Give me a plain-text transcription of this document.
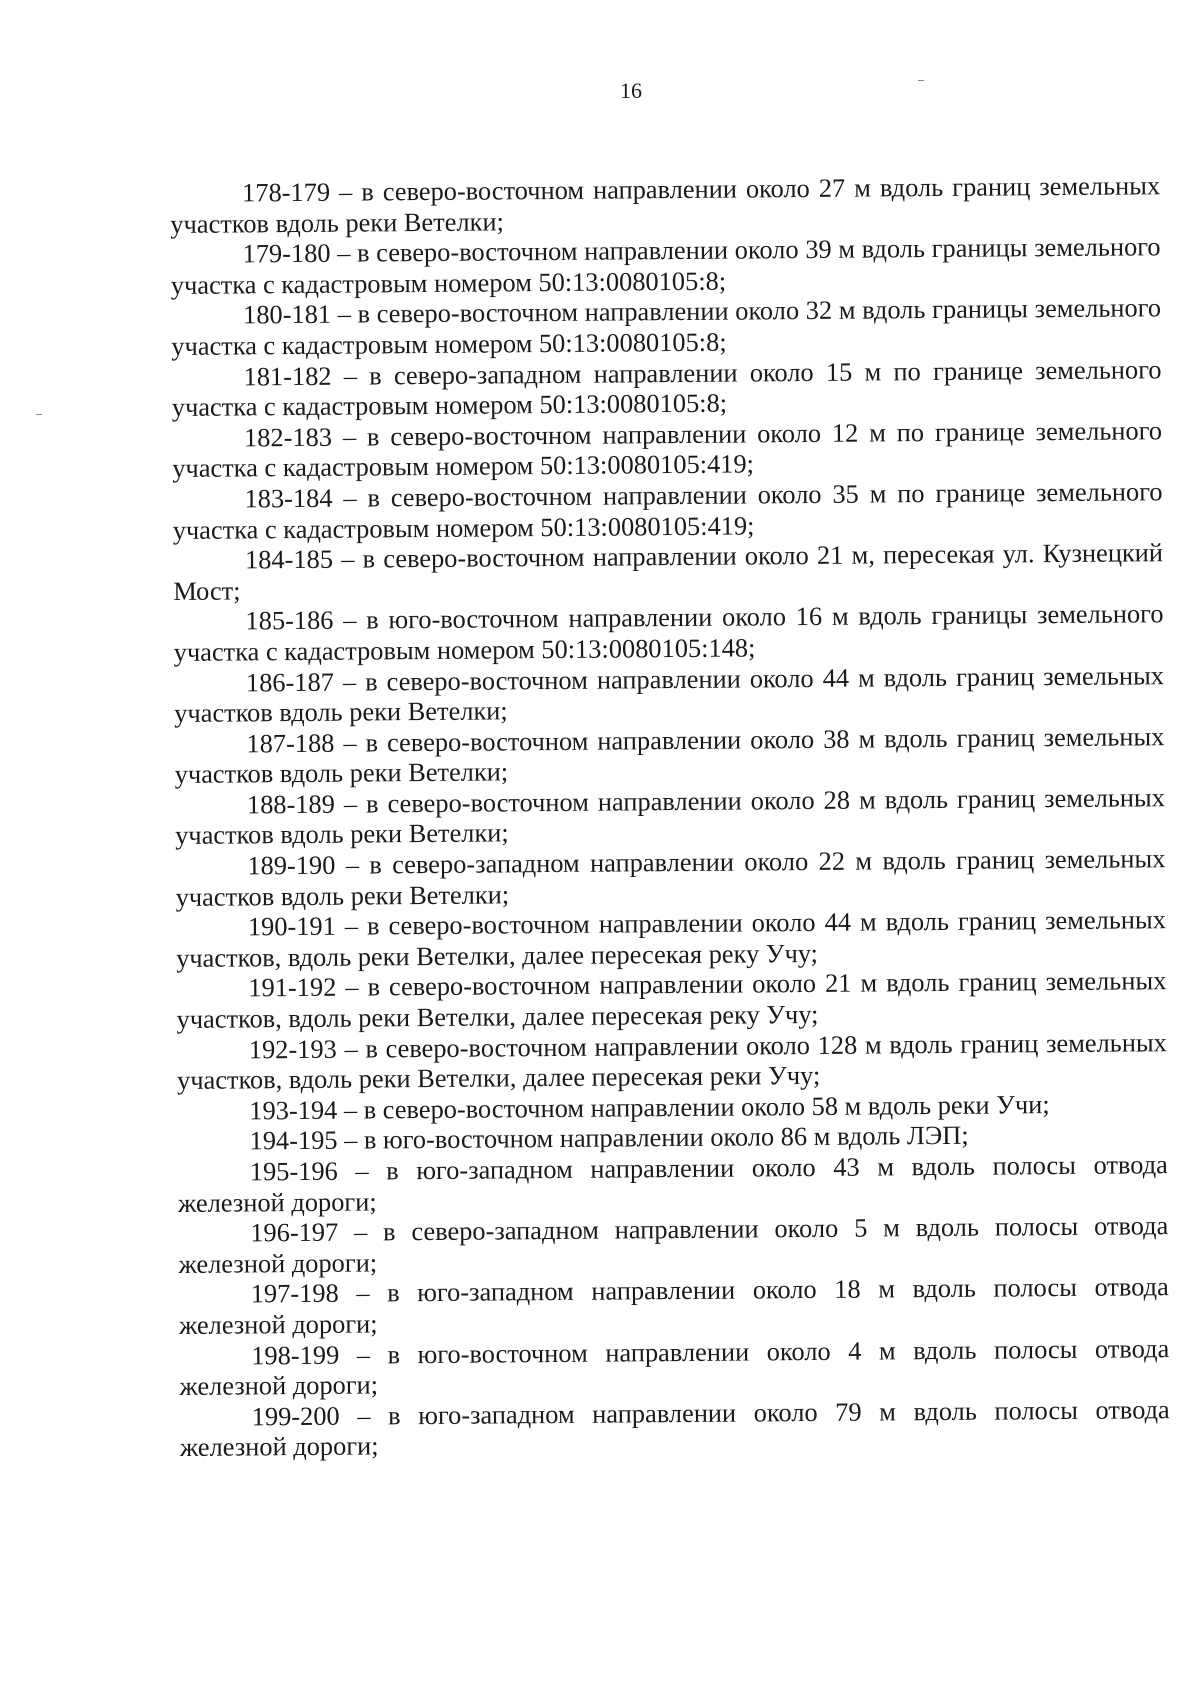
16

178-179 – в северо-восточном направлении около 27 м вдоль границ земельных участков вдоль реки Ветелки;

179-180 – в северо-восточном направлении около 39 м вдоль границы земельного участка с кадастровым номером 50:13:0080105:8;

180-181 – в северо-восточном направлении около 32 м вдоль границы земельного участка с кадастровым номером 50:13:0080105:8;

181-182 – в северо-западном направлении около 15 м по границе земельного участка с кадастровым номером 50:13:0080105:8;

182-183 – в северо-восточном направлении около 12 м по границе земельного участка с кадастровым номером 50:13:0080105:419;

183-184 – в северо-восточном направлении около 35 м по границе земельного участка с кадастровым номером 50:13:0080105:419;

184-185 – в северо-восточном направлении около 21 м, пересекая ул. Кузнецкий Мост;

185-186 – в юго-восточном направлении около 16 м вдоль границы земельного участка с кадастровым номером 50:13:0080105:148;

186-187 – в северо-восточном направлении около 44 м вдоль границ земельных участков вдоль реки Ветелки;

187-188 – в северо-восточном направлении около 38 м вдоль границ земельных участков вдоль реки Ветелки;

188-189 – в северо-восточном направлении около 28 м вдоль границ земельных участков вдоль реки Ветелки;

189-190 – в северо-западном направлении около 22 м вдоль границ земельных участков вдоль реки Ветелки;

190-191 – в северо-восточном направлении около 44 м вдоль границ земельных участков, вдоль реки Ветелки, далее пересекая реку Учу;

191-192 – в северо-восточном направлении около 21 м вдоль границ земельных участков, вдоль реки Ветелки, далее пересекая реку Учу;

192-193 – в северо-восточном направлении около 128 м вдоль границ земельных участков, вдоль реки Ветелки, далее пересекая реки Учу;

193-194 – в северо-восточном направлении около 58 м вдоль реки Учи;

194-195 – в юго-восточном направлении около 86 м вдоль ЛЭП;

195-196 – в юго-западном направлении около 43 м вдоль полосы отвода железной дороги;

196-197 – в северо-западном направлении около 5 м вдоль полосы отвода железной дороги;

197-198 – в юго-западном направлении около 18 м вдоль полосы отвода железной дороги;

198-199 – в юго-восточном направлении около 4 м вдоль полосы отвода железной дороги;

199-200 – в юго-западном направлении около 79 м вдоль полосы отвода железной дороги;
